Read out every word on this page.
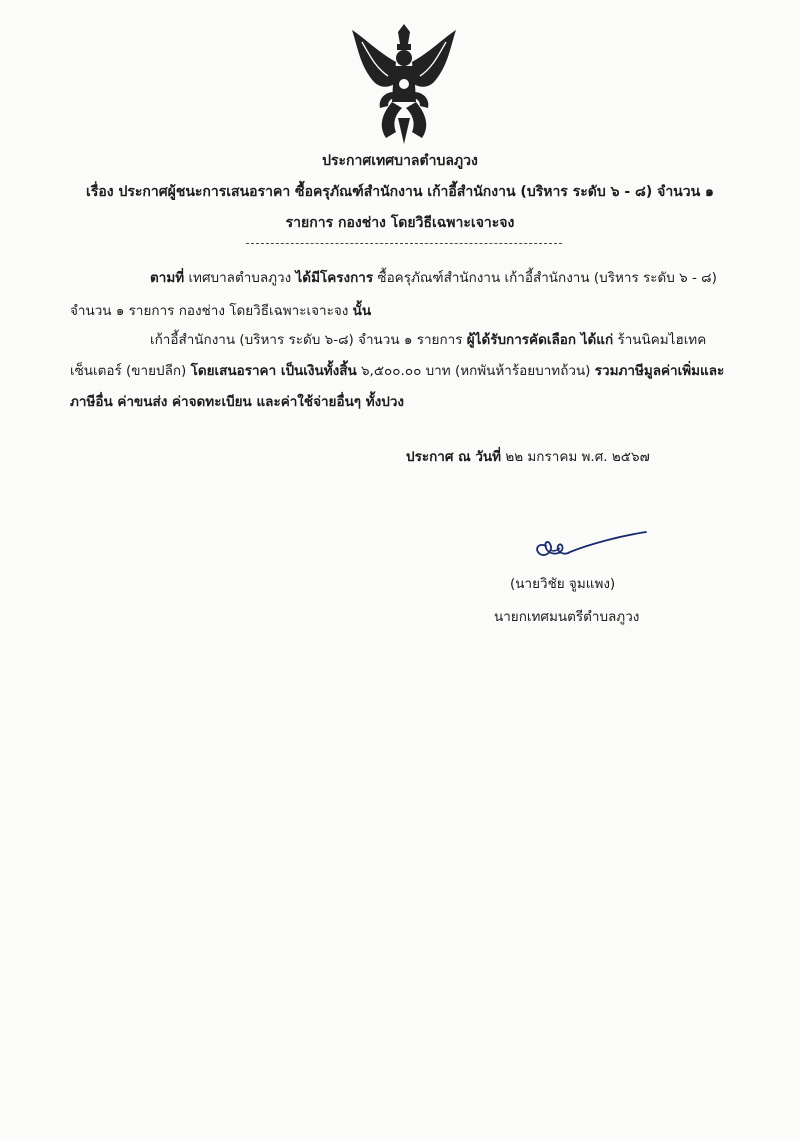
ประกาศเทศบาลตำบลภูวง
เรื่อง ประกาศผู้ชนะการเสนอราคา ซื้อครุภัณฑ์สำนักงาน เก้าอี้สำนักงาน (บริหาร ระดับ ๖ - ๘) จำนวน ๑
รายการ กองช่าง โดยวิธีเฉพาะเจาะจง
ตามที่ เทศบาลตำบลภูวง ได้มีโครงการ ซื้อครุภัณฑ์สำนักงาน เก้าอี้สำนักงาน (บริหาร ระดับ ๖ - ๘)
จำนวน ๑ รายการ กองช่าง โดยวิธีเฉพาะเจาะจง นั้น
เก้าอี้สำนักงาน (บริหาร ระดับ ๖-๘) จำนวน ๑ รายการ ผู้ได้รับการคัดเลือก ได้แก่ ร้านนิคมไฮเทค
เซ็นเตอร์ (ขายปลีก) โดยเสนอราคา เป็นเงินทั้งสิ้น ๖,๕๐๐.๐๐ บาท (หกพันห้าร้อยบาทถ้วน) รวมภาษีมูลค่าเพิ่มและ
ภาษีอื่น ค่าขนส่ง ค่าจดทะเบียน และค่าใช้จ่ายอื่นๆ ทั้งปวง
ประกาศ ณ วันที่ ๒๒ มกราคม พ.ศ. ๒๕๖๗
(นายวิชัย จูมแพง)
นายกเทศมนตรีตำบลภูวง
